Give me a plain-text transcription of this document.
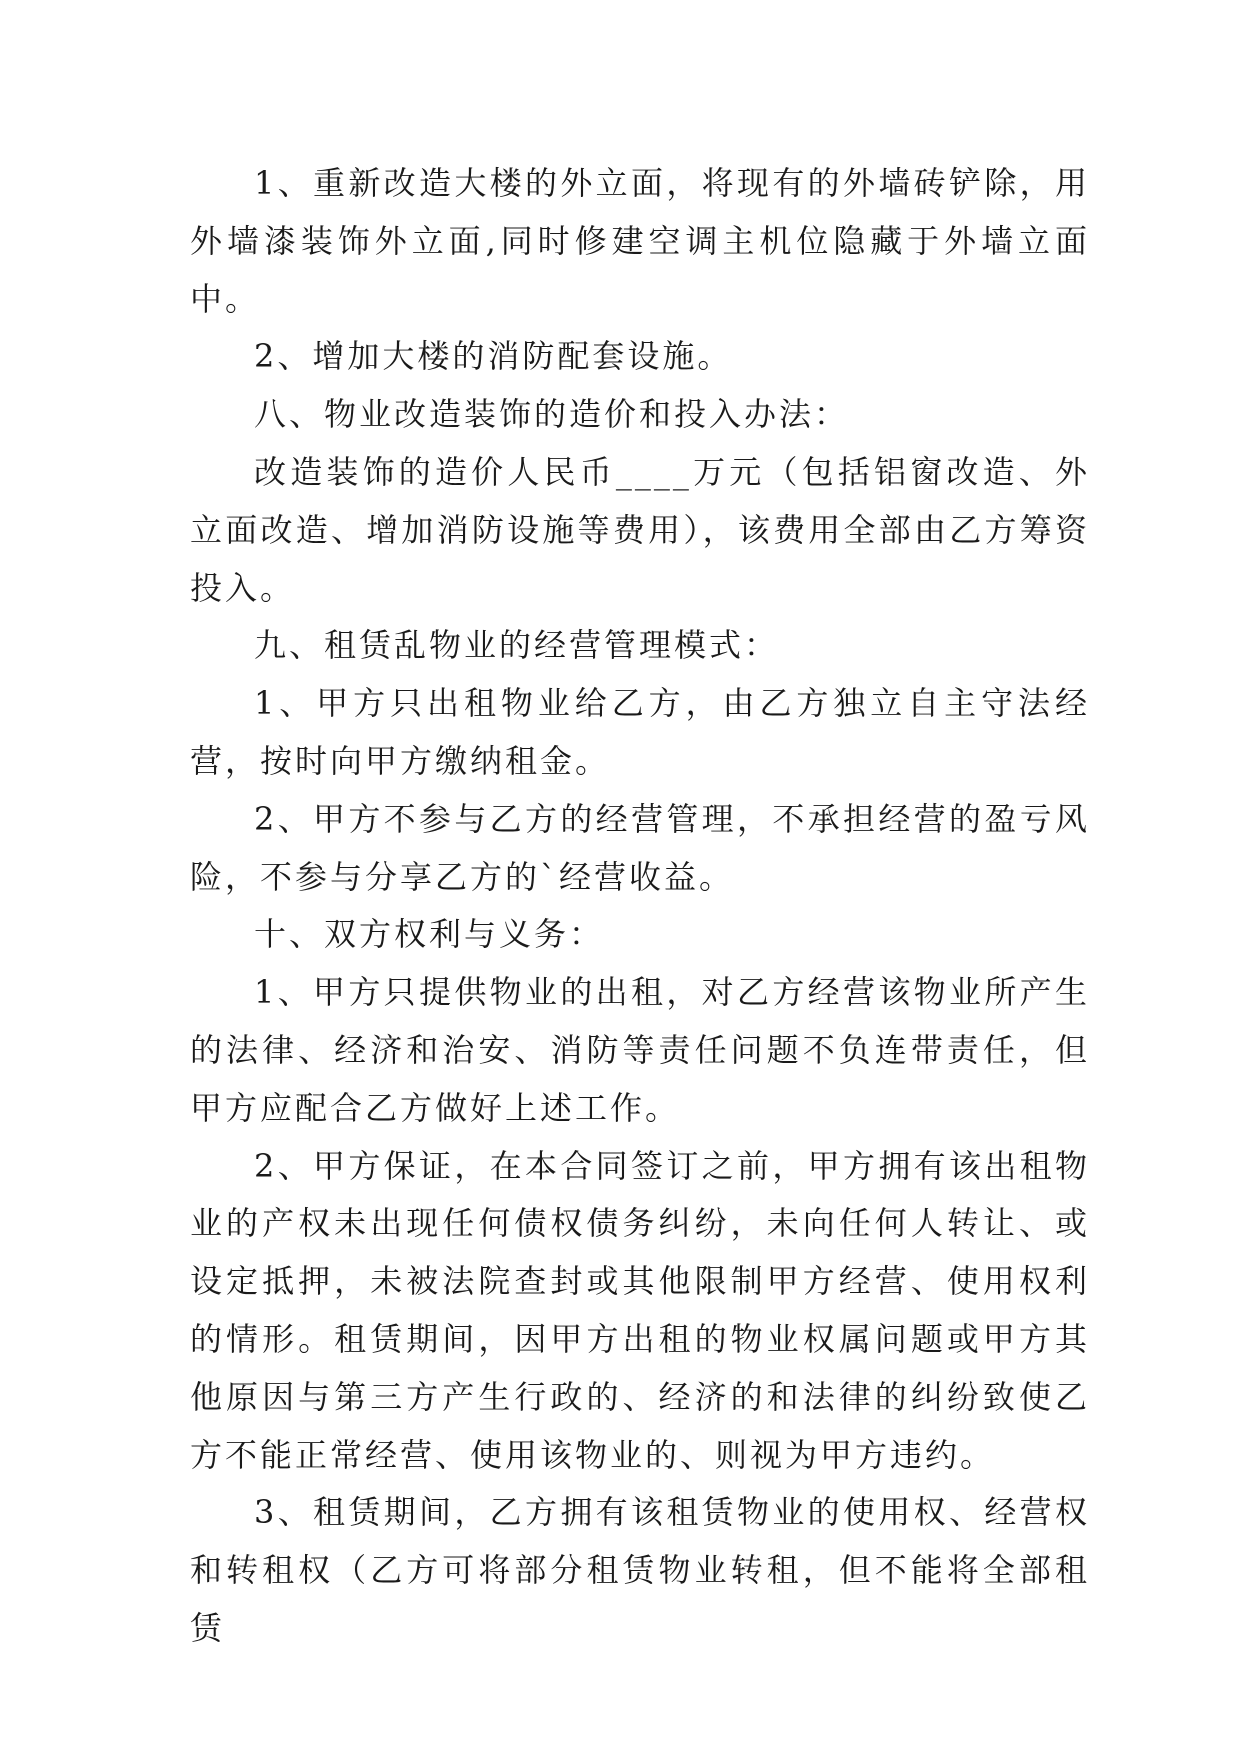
1、重新改造大楼的外立面，将现有的外墙砖铲除，用外墙漆装饰外立面,同时修建空调主机位隐藏于外墙立面中。

2、增加大楼的消防配套设施。

八、物业改造装饰的造价和投入办法：

改造装饰的造价人民币____万元（包括铝窗改造、外立面改造、增加消防设施等费用），该费用全部由乙方筹资投入。

九、租赁乱物业的经营管理模式：

1、甲方只出租物业给乙方，由乙方独立自主守法经营，按时向甲方缴纳租金。

2、甲方不参与乙方的经营管理，不承担经营的盈亏风险，不参与分享乙方的`经营收益。

十、双方权利与义务：

1、甲方只提供物业的出租，对乙方经营该物业所产生的法律、经济和治安、消防等责任问题不负连带责任，但甲方应配合乙方做好上述工作。

2、甲方保证，在本合同签订之前，甲方拥有该出租物业的产权未出现任何债权债务纠纷，未向任何人转让、或设定抵押，未被法院查封或其他限制甲方经营、使用权利的情形。租赁期间，因甲方出租的物业权属问题或甲方其他原因与第三方产生行政的、经济的和法律的纠纷致使乙方不能正常经营、使用该物业的、则视为甲方违约。

3、租赁期间，乙方拥有该租赁物业的使用权、经营权和转租权（乙方可将部分租赁物业转租，但不能将全部租赁
